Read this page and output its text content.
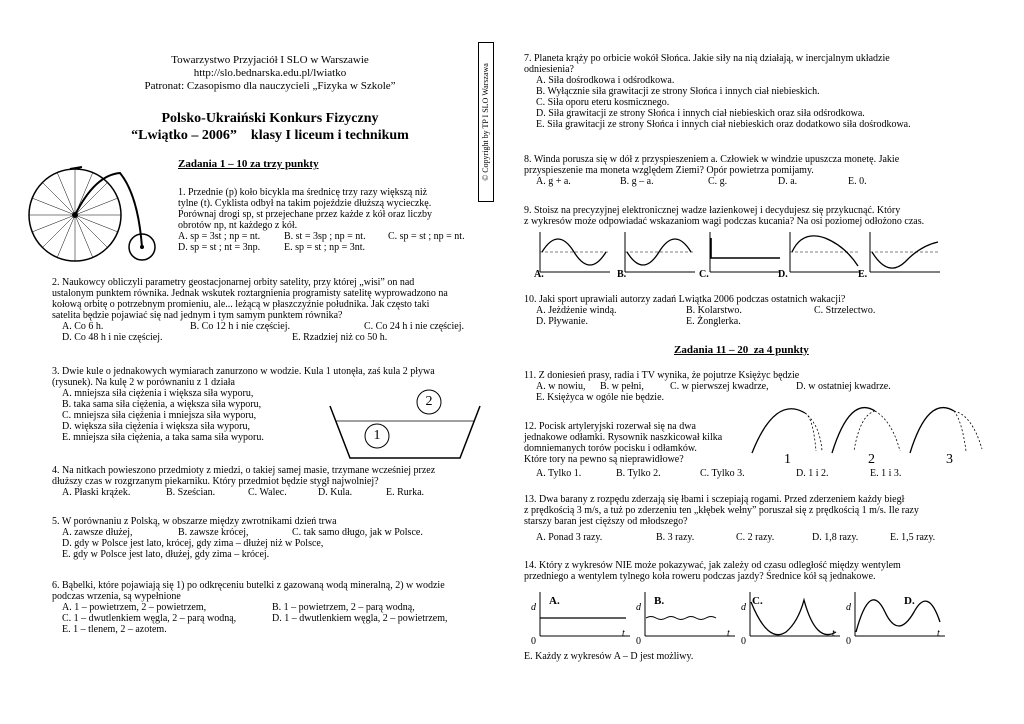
Towarzystwo Przyjaciół I SLO w Warszawie
http://slo.bednarska.edu.pl/lwiatko
Patronat: Czasopismo dla nauczycieli „Fizyka w Szkole”
Polsko-Ukraiński Konkurs Fizyczny
“Lwiątko – 2006”    klasy I liceum i technikum	© Copyright by TP I SLO Warszawa
Zadania 1 – 10 za trzy punkty
1. Przednie (p) koło bicykla ma średnicę trzy razy większą niż
tylne (t). Cyklista odbył na takim pojeździe dłuższą wycieczkę.
Porównaj drogi sp, st przejechane przez każde z kół oraz liczby
obrotów np, nt każdego z kół.
A. sp = 3st ; np = nt. B. st = 3sp ; np = nt. C. sp = st ; np = nt.
D. sp = st ; nt = 3np. E. sp = st ; np = 3nt.
2. Naukowcy obliczyli parametry geostacjonarnej orbity satelity, przy której „wisi” on nad
ustalonym punktem równika. Jednak wskutek roztargnienia programisty satelitę wyprowadzono na
kołową orbitę o potrzebnym promieniu, ale... leżącą w płaszczyźnie południka. Jak często taki
satelita będzie pojawiać się nad jednym i tym samym punktem równika?
A. Co 6 h.	B. Co 12 h i nie częściej.	C. Co 24 h i nie częściej.
D. Co 48 h i nie częściej.	E. Rzadziej niż co 50 h.
3. Dwie kule o jednakowych wymiarach zanurzono w wodzie. Kula 1 utonęła, zaś kula 2 pływa
(rysunek). Na kulę 2 w porównaniu z 1 działa
A. mniejsza siła ciężenia i większa siła wyporu,
B. taka sama siła ciężenia, a większa siła wyporu,
C. mniejsza siła ciężenia i mniejsza siła wyporu,
D. większa siła ciężenia i większa siła wyporu,
E. mniejsza siła ciężenia, a taka sama siła wyporu.
2
1
4. Na nitkach powieszono przedmioty z miedzi, o takiej samej masie, trzymane wcześniej przez
dłuższy czas w rozgrzanym piekarniku. Który przedmiot będzie stygł najwolniej?
A. Płaski krążek.	B. Sześcian.	C. Walec.	D. Kula.	E. Rurka.
5. W porównaniu z Polską, w obszarze między zwrotnikami dzień trwa
A. zawsze dłużej,	B. zawsze krócej,	C. tak samo długo, jak w Polsce.
D. gdy w Polsce jest lato, krócej, gdy zima – dłużej niż w Polsce,
E. gdy w Polsce jest lato, dłużej, gdy zima – krócej.
6. Bąbelki, które pojawiają się 1) po odkręceniu butelki z gazowaną wodą mineralną, 2) w wodzie
podczas wrzenia, są wypełnione
A. 1 – powietrzem, 2 – powietrzem,	B. 1 – powietrzem, 2 – parą wodną,
C. 1 – dwutlenkiem węgla, 2 – parą wodną,	D. 1 – dwutlenkiem węgla, 2 – powietrzem,
E. 1 – tlenem, 2 – azotem.
7. Planeta krąży po orbicie wokół Słońca. Jakie siły na nią działają, w inercjalnym układzie
odniesienia?
A. Siła dośrodkowa i odśrodkowa.
B. Wyłącznie siła grawitacji ze strony Słońca i innych ciał niebieskich.
C. Siła oporu eteru kosmicznego.
D. Siła grawitacji ze strony Słońca i innych ciał niebieskich oraz siła odśrodkowa.
E. Siła grawitacji ze strony Słońca i innych ciał niebieskich oraz dodatkowo siła dośrodkowa.
8. Winda porusza się w dół z przyspieszeniem a. Człowiek w windzie upuszcza monetę. Jakie
przyspieszenie ma moneta względem Ziemi? Opór powietrza pomijamy.
A. g + a.	B. g – a.	C. g.	D. a.	E. 0.
9. Stoisz na precyzyjnej elektronicznej wadze łazienkowej i decydujesz się przykucnąć. Który
z wykresów może odpowiadać wskazaniom wagi podczas kucania? Na osi poziomej odłożono czas.
A.	B.	C.	D.	E.
10. Jaki sport uprawiali autorzy zadań Lwiątka 2006 podczas ostatnich wakacji?
A. Jeżdżenie windą.	B. Kolarstwo.	C. Strzelectwo.
D. Pływanie.	E. Żonglerka.
Zadania 11 – 20  za 4 punkty
11. Z doniesień prasy, radia i TV wynika, że pojutrze Księżyc będzie
A. w nowiu, B. w pełni,	C. w pierwszej kwadrze,	D. w ostatniej kwadrze.
E. Księżyca w ogóle nie będzie.
12. Pocisk artyleryjski rozerwał się na dwa
jednakowe odłamki. Rysownik naszkicował kilka
domniemanych torów pocisku i odłamków.
Które tory na pewno są nieprawidłowe?
A. Tylko 1.	B. Tylko 2.	C. Tylko 3.	D. 1 i 2.	E. 1 i 3.
1	2	3
13. Dwa barany z rozpędu zderzają się łbami i sczepiają rogami. Przed zderzeniem każdy biegł
z prędkością 3 m/s, a tuż po zderzeniu ten „kłębek wełny” poruszał się z prędkością 1 m/s. Ile razy
starszy baran jest cięższy od młodszego?
A. Ponad 3 razy.	B. 3 razy.	C. 2 razy.	D. 1,8 razy.	E. 1,5 razy.
14. Który z wykresów NIE może pokazywać, jak zależy od czasu odległość między wentylem
przedniego a wentylem tylnego koła roweru podczas jazdy? Średnice kół są jednakowe.
d	d	d	d
A.	B.	C.	D.
t	t	t	t
0	0	0	0
E. Każdy z wykresów A – D jest możliwy.
